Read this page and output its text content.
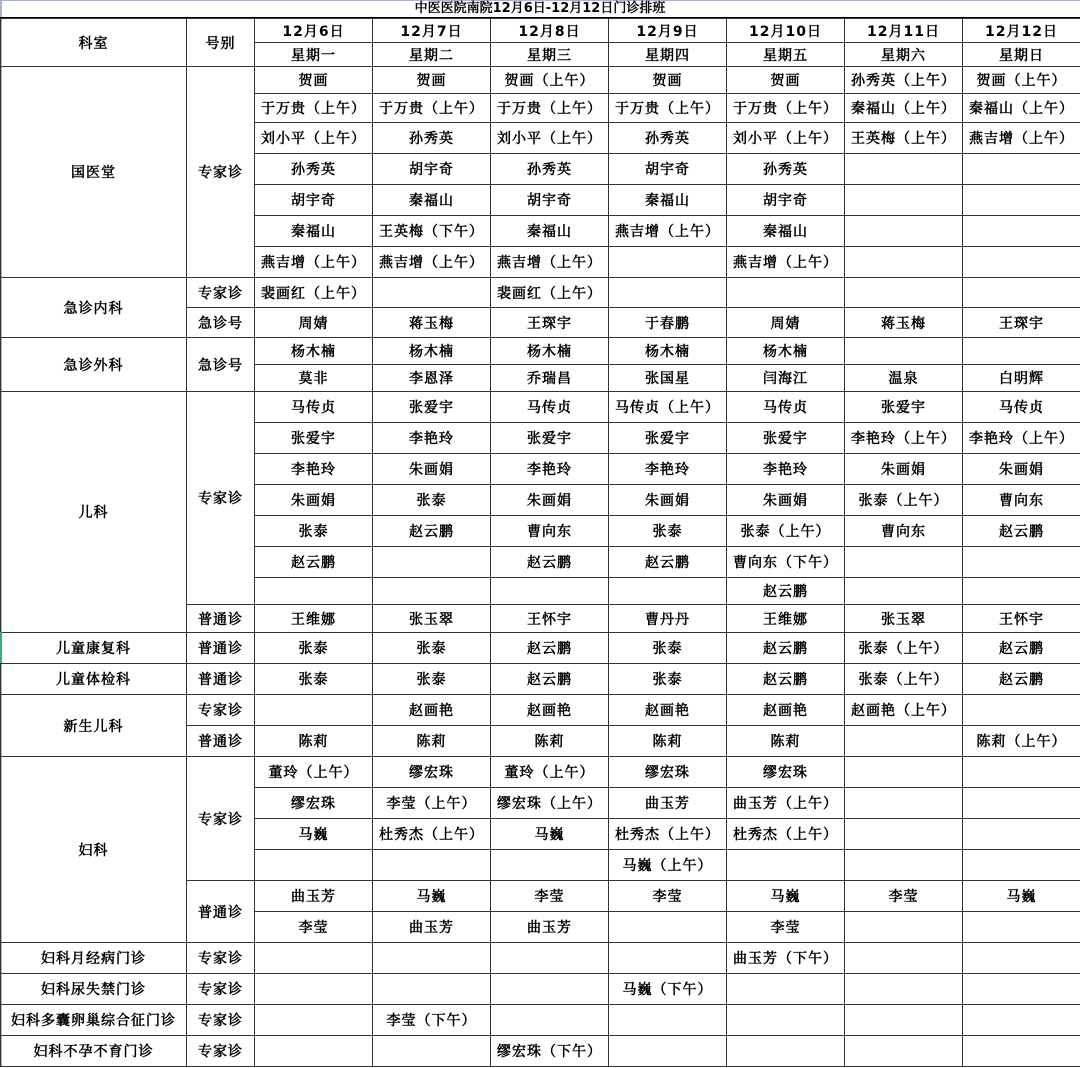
中医医院南院12月6日-12月12日门诊排班
科室	号别	12月6日	12月7日	12月8日	12月9日	12月10日	12月11日	12月12日
		星期一	星期二	星期三	星期四	星期五	星期六	星期日
国医堂	专家诊	贺画	贺画	贺画（上午）	贺画	贺画	孙秀英（上午）	贺画（上午）
		于万贵（上午）	于万贵（上午）	于万贵（上午）	于万贵（上午）	于万贵（上午）	秦福山（上午）	秦福山（上午）
		刘小平（上午）	孙秀英	刘小平（上午）	孙秀英	刘小平（上午）	王英梅（上午）	燕吉增（上午）
		孙秀英	胡宇奇	孙秀英	胡宇奇	孙秀英		
		胡宇奇	秦福山	胡宇奇	秦福山	胡宇奇		
		秦福山	王英梅（下午）	秦福山	燕吉增（上午）	秦福山		
		燕吉增（上午）	燕吉增（上午）	燕吉增（上午）		燕吉增（上午）		
急诊内科	专家诊	裴画红（上午）		裴画红（上午）				
	急诊号	周婧	蒋玉梅	王琛宇	于春鹏	周婧	蒋玉梅	王琛宇
急诊外科	急诊号	杨木楠	杨木楠	杨木楠	杨木楠	杨木楠		
		莫非	李恩泽	乔瑞昌	张国星	闫海江	温泉	白明辉
儿科	专家诊	马传贞	张爱宇	马传贞	马传贞（上午）	马传贞	张爱宇	马传贞
		张爱宇	李艳玲	张爱宇	张爱宇	张爱宇	李艳玲（上午）	李艳玲（上午）
		李艳玲	朱画娟	李艳玲	李艳玲	李艳玲	朱画娟	朱画娟
		朱画娟	张泰	朱画娟	朱画娟	朱画娟	张泰（上午）	曹向东
		张泰	赵云鹏	曹向东	张泰	张泰（上午）	曹向东	赵云鹏
		赵云鹏		赵云鹏	赵云鹏	曹向东（下午）		
						赵云鹏		
	普通诊	王维娜	张玉翠	王怀宇	曹丹丹	王维娜	张玉翠	王怀宇
儿童康复科	普通诊	张泰	张泰	赵云鹏	张泰	赵云鹏	张泰（上午）	赵云鹏
儿童体检科	普通诊	张泰	张泰	赵云鹏	张泰	赵云鹏	张泰（上午）	赵云鹏
新生儿科	专家诊		赵画艳	赵画艳	赵画艳	赵画艳	赵画艳（上午）	
	普通诊	陈莉	陈莉	陈莉	陈莉	陈莉		陈莉（上午）
妇科	专家诊	董玲（上午）	缪宏珠	董玲（上午）	缪宏珠	缪宏珠		
		缪宏珠	李莹（上午）	缪宏珠（上午）	曲玉芳	曲玉芳（上午）		
		马巍	杜秀杰（上午）	马巍	杜秀杰（上午）	杜秀杰（上午）		
					马巍（上午）			
	普通诊	曲玉芳	马巍	李莹	李莹	马巍	李莹	马巍
		李莹	曲玉芳	曲玉芳		李莹		
妇科月经病门诊	专家诊					曲玉芳（下午）		
妇科尿失禁门诊	专家诊				马巍（下午）			
妇科多囊卵巢综合征门诊	专家诊		李莹（下午）					
妇科不孕不育门诊	专家诊			缪宏珠（下午）				
